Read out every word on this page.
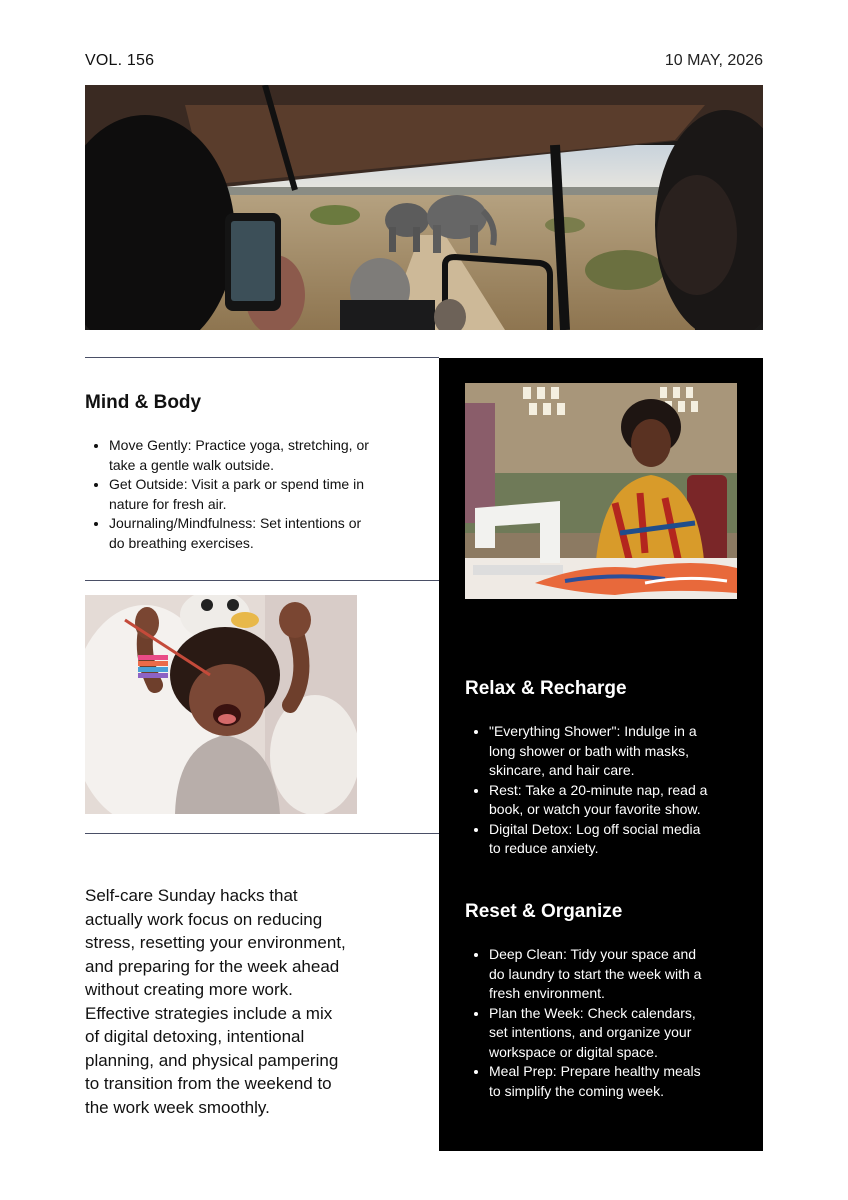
VOL. 156	10 MAY, 2026
Mind & Body
• Move Gently: Practice yoga, stretching, or take a gentle walk outside.
• Get Outside: Visit a park or spend time in nature for fresh air.
• Journaling/Mindfulness: Set intentions or do breathing exercises.
Self-care Sunday hacks that actually work focus on reducing stress, resetting your environment, and preparing for the week ahead without creating more work. Effective strategies include a mix of digital detoxing, intentional planning, and physical pampering to transition from the weekend to the work week smoothly.
Relax & Recharge
• "Everything Shower": Indulge in a long shower or bath with masks, skincare, and hair care.
• Rest: Take a 20-minute nap, read a book, or watch your favorite show.
• Digital Detox: Log off social media to reduce anxiety.
Reset & Organize
• Deep Clean: Tidy your space and do laundry to start the week with a fresh environment.
• Plan the Week: Check calendars, set intentions, and organize your workspace or digital space.
• Meal Prep: Prepare healthy meals to simplify the coming week.
